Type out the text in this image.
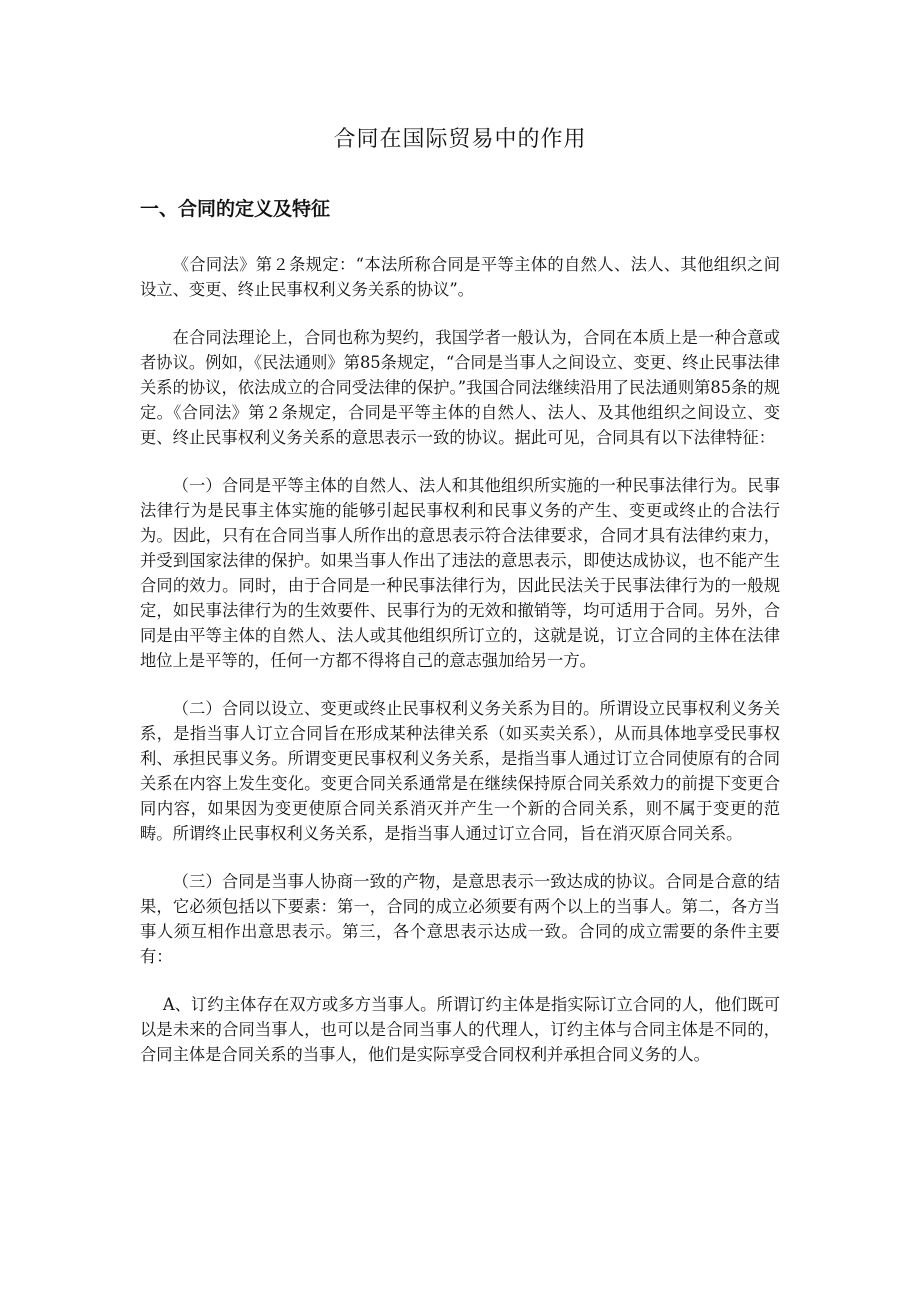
合同在国际贸易中的作用
一、合同的定义及特征

《合同法》第２条规定：“本法所称合同是平等主体的自然人、法人、其他组织之间设立、变更、终止民事权利义务关系的协议”。

在合同法理论上，合同也称为契约，我国学者一般认为，合同在本质上是一种合意或者协议。例如，《民法通则》第85条规定，“合同是当事人之间设立、变更、终止民事法律关系的协议，依法成立的合同受法律的保护。”我国合同法继续沿用了民法通则第85条的规定。《合同法》第２条规定，合同是平等主体的自然人、法人、及其他组织之间设立、变更、终止民事权利义务关系的意思表示一致的协议。据此可见，合同具有以下法律特征：

（一）合同是平等主体的自然人、法人和其他组织所实施的一种民事法律行为。民事法律行为是民事主体实施的能够引起民事权利和民事义务的产生、变更或终止的合法行为。因此，只有在合同当事人所作出的意思表示符合法律要求，合同才具有法律约束力，并受到国家法律的保护。如果当事人作出了违法的意思表示，即使达成协议，也不能产生合同的效力。同时，由于合同是一种民事法律行为，因此民法关于民事法律行为的一般规定，如民事法律行为的生效要件、民事行为的无效和撤销等，均可适用于合同。另外，合同是由平等主体的自然人、法人或其他组织所订立的，这就是说，订立合同的主体在法律地位上是平等的，任何一方都不得将自己的意志强加给另一方。

（二）合同以设立、变更或终止民事权利义务关系为目的。所谓设立民事权利义务关系，是指当事人订立合同旨在形成某种法律关系（如买卖关系），从而具体地享受民事权利、承担民事义务。所谓变更民事权利义务关系，是指当事人通过订立合同使原有的合同关系在内容上发生变化。变更合同关系通常是在继续保持原合同关系效力的前提下变更合同内容，如果因为变更使原合同关系消灭并产生一个新的合同关系，则不属于变更的范畴。所谓终止民事权利义务关系，是指当事人通过订立合同，旨在消灭原合同关系。

（三）合同是当事人协商一致的产物，是意思表示一致达成的协议。合同是合意的结果，它必须包括以下要素：第一，合同的成立必须要有两个以上的当事人。第二，各方当事人须互相作出意思表示。第三，各个意思表示达成一致。合同的成立需要的条件主要有：

A、订约主体存在双方或多方当事人。所谓订约主体是指实际订立合同的人，他们既可以是未来的合同当事人，也可以是合同当事人的代理人，订约主体与合同主体是不同的，合同主体是合同关系的当事人，他们是实际享受合同权利并承担合同义务的人。
